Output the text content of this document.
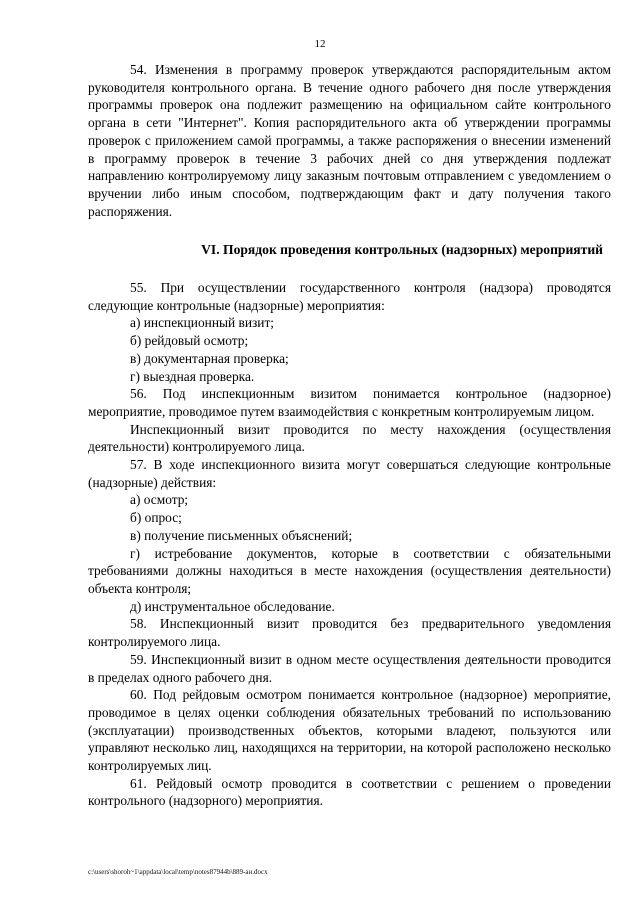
12
54. Изменения в программу проверок утверждаются распорядительным актом руководителя контрольного органа. В течение одного рабочего дня после утверждения программы проверок она подлежит размещению на официальном сайте контрольного органа в сети "Интернет". Копия распорядительного акта об утверждении программы проверок с приложением самой программы, а также распоряжения о внесении изменений в программу проверок в течение 3 рабочих дней со дня утверждения подлежат направлению контролируемому лицу заказным почтовым отправлением с уведомлением о вручении либо иным способом, подтверждающим факт и дату получения такого распоряжения.
VI. Порядок проведения контрольных (надзорных) мероприятий
55. При осуществлении государственного контроля (надзора) проводятся следующие контрольные (надзорные) мероприятия:
а) инспекционный визит;
б) рейдовый осмотр;
в) документарная проверка;
г) выездная проверка.
56. Под инспекционным визитом понимается контрольное (надзорное) мероприятие, проводимое путем взаимодействия с конкретным контролируемым лицом.
Инспекционный визит проводится по месту нахождения (осуществления деятельности) контролируемого лица.
57. В ходе инспекционного визита могут совершаться следующие контрольные (надзорные) действия:
а) осмотр;
б) опрос;
в) получение письменных объяснений;
г) истребование документов, которые в соответствии с обязательными требованиями должны находиться в месте нахождения (осуществления деятельности) объекта контроля;
д) инструментальное обследование.
58. Инспекционный визит проводится без предварительного уведомления контролируемого лица.
59. Инспекционный визит в одном месте осуществления деятельности проводится в пределах одного рабочего дня.
60. Под рейдовым осмотром понимается контрольное (надзорное) мероприятие, проводимое в целях оценки соблюдения обязательных требований по использованию (эксплуатации) производственных объектов, которыми владеют, пользуются или управляют несколько лиц, находящихся на территории, на которой расположено несколько контролируемых лиц.
61. Рейдовый осмотр проводится в соответствии с решением о проведении контрольного (надзорного) мероприятия.
c:\users\shoroh~1\appdata\local\temp\notes87944b\889-ан.docx
